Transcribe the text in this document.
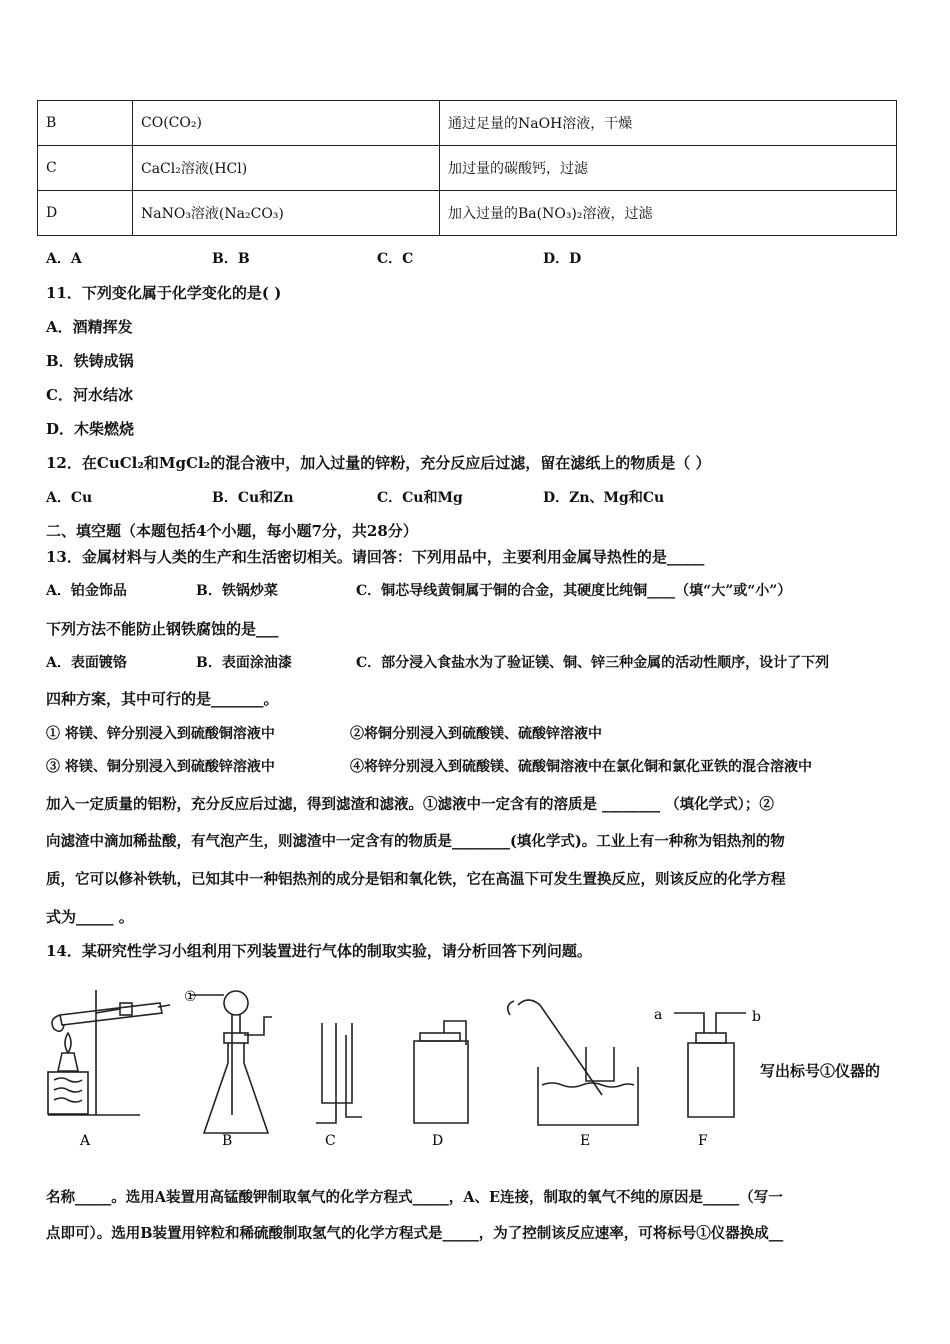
B	CO(CO₂)	通过足量的NaOH溶液，干燥
C	CaCl₂溶液(HCl)	加过量的碳酸钙，过滤
D	NaNO₃溶液(Na₂CO₃)	加入过量的Ba(NO₃)₂溶液，过滤
A．A	B．B	C．C	D．D
11．下列变化属于化学变化的是( )
A．酒精挥发
B．铁铸成锅
C．河水结冰
D．木柴燃烧
12．在CuCl₂和MgCl₂的混合液中，加入过量的锌粉，充分反应后过滤，留在滤纸上的物质是（ ）
A．Cu	B．Cu和Zn	C．Cu和Mg	D．Zn、Mg和Cu
二、填空题（本题包括4个小题，每小题7分，共28分）
13．金属材料与人类的生产和生活密切相关。请回答：下列用品中，主要利用金属导热性的是_____
A．铂金饰品	B．铁锅炒菜	C．铜芯导线黄铜属于铜的合金，其硬度比纯铜____（填“大”或“小”）
下列方法不能防止钢铁腐蚀的是___
A．表面镀铬	B．表面涂油漆	C．部分浸入食盐水为了验证镁、铜、锌三种金属的活动性顺序，设计了下列
四种方案，其中可行的是_______。
① 将镁、锌分别浸入到硫酸铜溶液中	②将铜分别浸入到硫酸镁、硫酸锌溶液中
③ 将镁、铜分别浸入到硫酸锌溶液中	④将锌分别浸入到硫酸镁、硫酸铜溶液中在氯化铜和氯化亚铁的混合溶液中
加入一定质量的铝粉，充分反应后过滤，得到滤渣和滤液。①滤液中一定含有的溶质是 ________ （填化学式）；②
向滤渣中滴加稀盐酸，有气泡产生，则滤渣中一定含有的物质是________(填化学式)。工业上有一种称为铝热剂的物
质，它可以修补铁轨，已知其中一种铝热剂的成分是铝和氧化铁，它在高温下可发生置换反应，则该反应的化学方程
式为_____ 。
14．某研究性学习小组利用下列装置进行气体的制取实验，请分析回答下列问题。
A	B	C	D	E	F
①
a	b
写出标号①仪器的
名称_____。选用A装置用高锰酸钾制取氧气的化学方程式_____，A、E连接，制取的氧气不纯的原因是_____（写一
点即可）。选用B装置用锌粒和稀硫酸制取氢气的化学方程式是_____，为了控制该反应速率，可将标号①仪器换成__
